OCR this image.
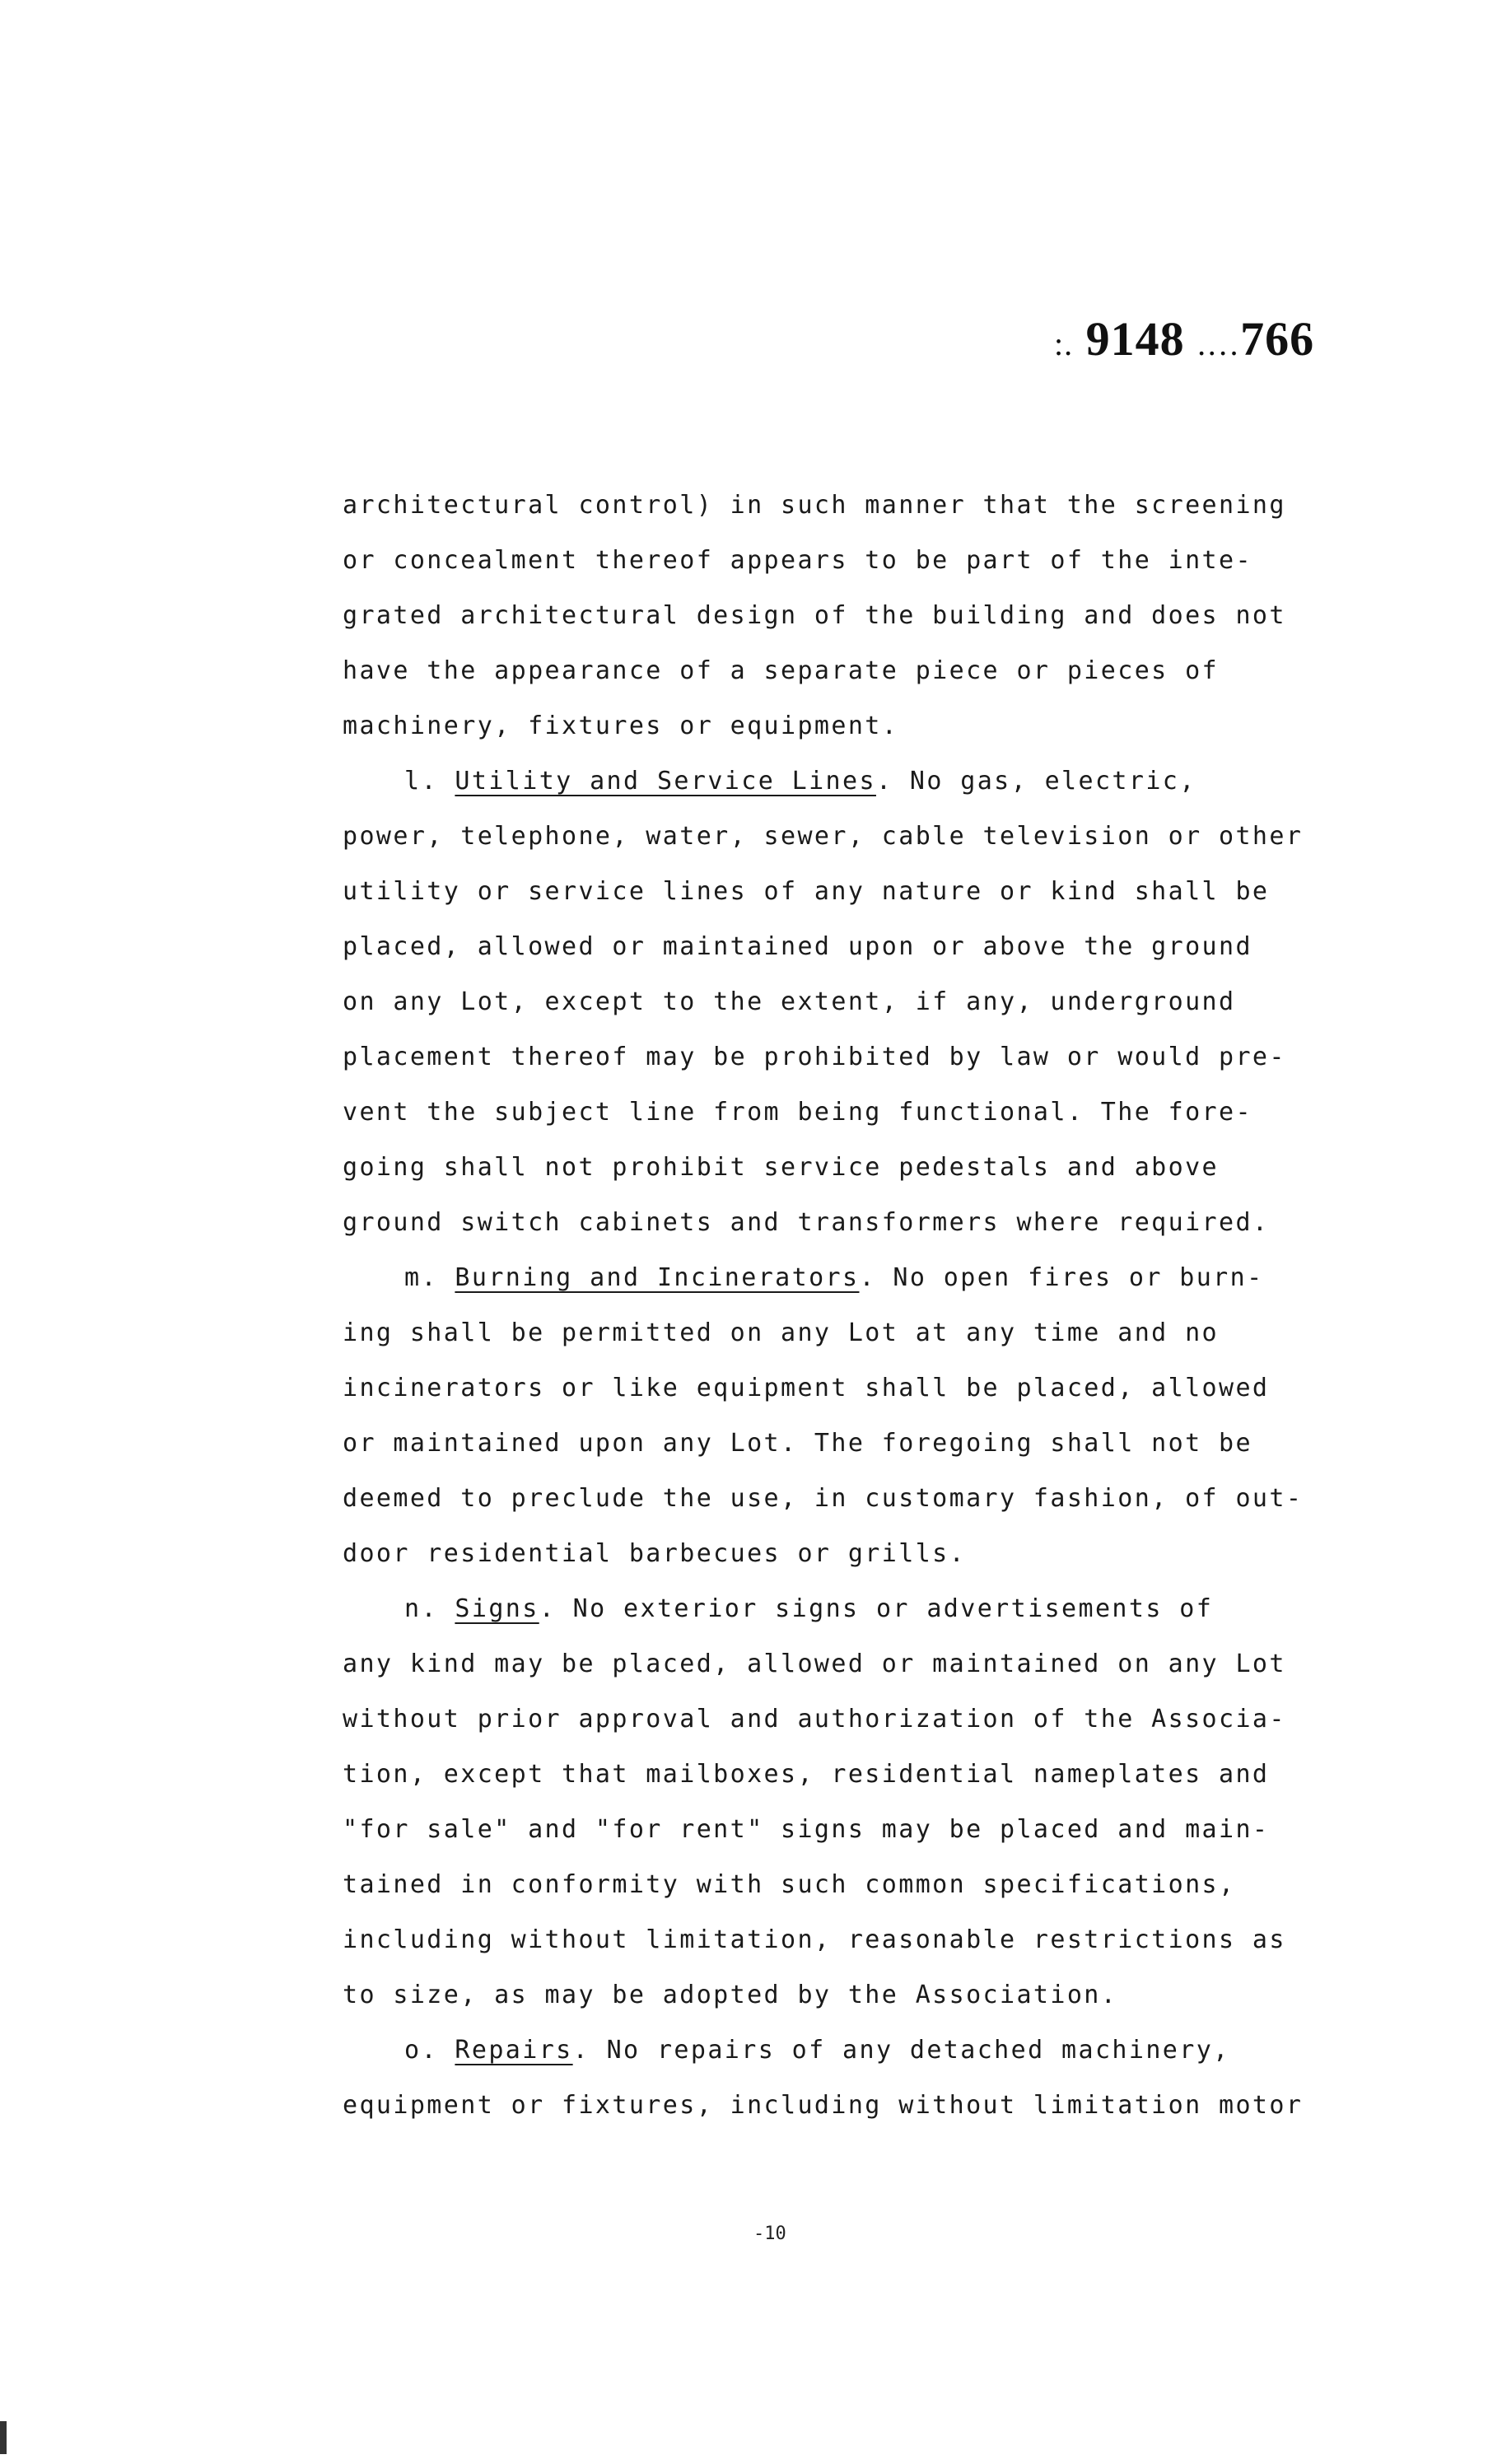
:. 9148 .…766
architectural control) in such manner that the screening
or concealment thereof appears to be part of the inte-
grated architectural design of the building and does not
have the appearance of a separate piece or pieces of
machinery, fixtures or equipment.
l. Utility and Service Lines. No gas, electric,
power, telephone, water, sewer, cable television or other
utility or service lines of any nature or kind shall be
placed, allowed or maintained upon or above the ground
on any Lot, except to the extent, if any, underground
placement thereof may be prohibited by law or would pre-
vent the subject line from being functional. The fore-
going shall not prohibit service pedestals and above
ground switch cabinets and transformers where required.
m. Burning and Incinerators. No open fires or burn-
ing shall be permitted on any Lot at any time and no
incinerators or like equipment shall be placed, allowed
or maintained upon any Lot. The foregoing shall not be
deemed to preclude the use, in customary fashion, of out-
door residential barbecues or grills.
n. Signs. No exterior signs or advertisements of
any kind may be placed, allowed or maintained on any Lot
without prior approval and authorization of the Associa-
tion, except that mailboxes, residential nameplates and
"for sale" and "for rent" signs may be placed and main-
tained in conformity with such common specifications,
including without limitation, reasonable restrictions as
to size, as may be adopted by the Association.
o. Repairs. No repairs of any detached machinery,
equipment or fixtures, including without limitation motor
-10
